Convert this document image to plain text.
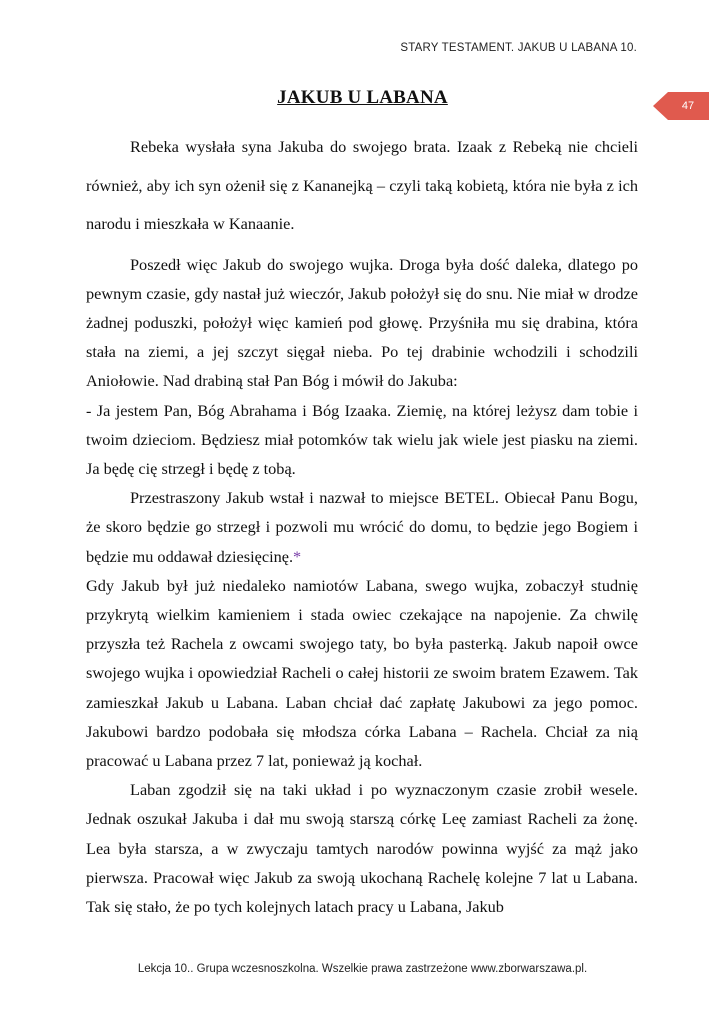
STARY TESTAMENT. JAKUB U LABANA 10.
47
JAKUB U LABANA

Rebeka wysłała syna Jakuba do swojego brata. Izaak z Rebeką nie chcieli również, aby ich syn ożenił się z Kananejką – czyli taką kobietą, która nie była z ich narodu i mieszkała w Kanaanie.

Poszedł więc Jakub do swojego wujka. Droga była dość daleka, dlatego po pewnym czasie, gdy nastał już wieczór, Jakub położył się do snu. Nie miał w drodze żadnej poduszki, położył więc kamień pod głowę. Przyśniła mu się drabina, która stała na ziemi, a jej szczyt sięgał nieba. Po tej drabinie wchodzili i schodzili Aniołowie. Nad drabiną stał Pan Bóg i mówił do Jakuba:

- Ja jestem Pan, Bóg Abrahama i Bóg Izaaka. Ziemię, na której leżysz dam tobie i twoim dzieciom. Będziesz miał potomków tak wielu jak wiele jest piasku na ziemi. Ja będę cię strzegł i będę z tobą.

Przestraszony Jakub wstał i nazwał to miejsce BETEL. Obiecał Panu Bogu, że skoro będzie go strzegł i pozwoli mu wrócić do domu, to będzie jego Bogiem i będzie mu oddawał dziesięcinę.*

Gdy Jakub był już niedaleko namiotów Labana, swego wujka, zobaczył studnię przykrytą wielkim kamieniem i stada owiec czekające na napojenie. Za chwilę przyszła też Rachela z owcami swojego taty, bo była pasterką. Jakub napoił owce swojego wujka i opowiedział Racheli o całej historii ze swoim bratem Ezawem. Tak zamieszkał Jakub u Labana. Laban chciał dać zapłatę Jakubowi za jego pomoc. Jakubowi bardzo podobała się młodsza córka Labana – Rachela. Chciał za nią pracować u Labana przez 7 lat, ponieważ ją kochał.

Laban zgodził się na taki układ i po wyznaczonym czasie zrobił wesele. Jednak oszukał Jakuba i dał mu swoją starszą córkę Leę zamiast Racheli za żonę. Lea była starsza, a w zwyczaju tamtych narodów powinna wyjść za mąż jako pierwsza. Pracował więc Jakub za swoją ukochaną Rachelę kolejne 7 lat u Labana. Tak się stało, że po tych kolejnych latach pracy u Labana, Jakub

Lekcja 10.. Grupa wczesnoszkolna. Wszelkie prawa zastrzeżone www.zborwarszawa.pl.
